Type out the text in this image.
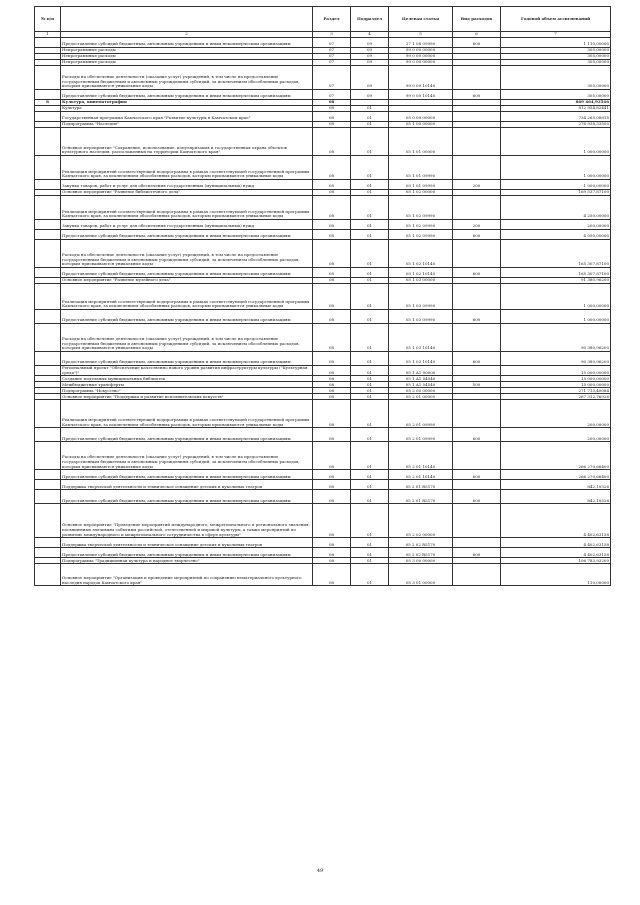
№ п/п		Раздел	Подраздел	Целевая статья	Вид расходов	Годовой объем ассигнований
1	2	3	4	5	6	7
	Предоставление субсидий бюджетным, автономным учреждениям и иным некоммерческим организациям	07	09	27 1 08 09990	600	1 110,00000
	Непрограммные расходы	07	09	99 0 00 00000		305,00000
	Непрограммные расходы	07	09	99 0 00 00000		305,00000
	Непрограммные расходы	07	09	99 0 00 00000		305,00000
	Расходы на обеспечение деятельности (оказание услуг) учреждений, в том числе на предоставление государственным бюджетным и автономным учреждениям субсидий, за исключением обособленных расходов, которым присваиваются уникальные коды	07	09	99 0 00 10140		305,00000
	Предоставление субсидий бюджетным, автономным учреждениям и иным некоммерческим организациям	07	09	99 0 00 10140	600	305,00000
8	Культура, кинематография	08				869 464,93546
	Культура	08	01			812 954,82441
	Государственная программа Камчатского края "Развитие культуры в Камчатском крае"	08	01	05 0 00 00000		734 265,08815
	Подпрограмма "Наследие"	08	01	05 1 00 00000		276 938,33500
	Основное мероприятие "Сохранение, использование, популяризация и государственная охрана объектов культурного наследия, расположенных на территории Камчатского края"	08	01	05 1 01 00000		1 000,00000
	Реализация мероприятий соответствующей подпрограммы в рамках соответствующей государственной программы Камчатского края, за исключением обособленных расходов, которым присваиваются уникальные коды	08	01	05 1 01 09990		1 000,00000
	Закупка товаров, работ и услуг для обеспечения государственных (муниципальных) нужд	08	01	05 1 01 09990	200	1 000,00000
	Основное мероприятие "Развитие библиотечного дела"	08	01	05 1 02 00000		169 537,87100
	Реализация мероприятий соответствующей подпрограммы в рамках соответствующей государственной программы Камчатского края, за исключением обособленных расходов, которым присваиваются уникальные коды	08	01	05 1 02 09990		4 250,00000
	Закупка товаров, работ и услуг для обеспечения государственных (муниципальных) нужд	08	01	05 1 02 09990	200	200,00000
	Предоставление субсидий бюджетным, автономным учреждениям и иным некоммерческим организациям	08	01	05 1 02 09990	600	4 050,00000
	Расходы на обеспечение деятельности (оказание услуг) учреждений, в том числе на предоставление государственным бюджетным и автономным учреждениям субсидий, за исключением обособленных расходов, которым присваиваются уникальные коды	08	01	05 1 02 10140		165 307,87100
	Предоставление субсидий бюджетным, автономным учреждениям и иным некоммерческим организациям	08	01	05 1 02 10140	600	165 307,87100
	Основное мероприятие "Развитие музейного дела"	08	01	05 1 03 00000		91 380,96200
	Реализация мероприятий соответствующей подпрограммы в рамках соответствующей государственной программы Камчатского края, за исключением обособленных расходов, которым присваиваются уникальные коды	08	01	05 1 03 09990		1 000,00000
	Предоставление субсидий бюджетным, автономным учреждениям и иным некоммерческим организациям	08	01	05 1 03 09990	600	1 000,00000
	Расходы на обеспечение деятельности (оказание услуг) учреждений, в том числе на предоставление государственным бюджетным и автономным учреждениям субсидий, за исключением обособленных расходов, которым присваиваются уникальные коды	08	01	05 1 03 10140		90 380,96200
	Предоставление субсидий бюджетным, автономным учреждениям и иным некоммерческим организациям	08	01	05 1 03 10140	600	90 380,96200
	Региональный проект "Обеспечение качественно нового уровня развития инфраструктуры культуры ("Культурная среда")"	08	01	05 1 A1 00000		15 000,00000
	Создание модельных муниципальных библиотек	08	01	05 1 A1 54540		15 000,00000
	Межбюджетные трансферты	08	01	05 1 A1 54540	500	15 000,00000
	Подпрограмма "Искусство"	08	01	05 2 00 00000		271 713,40084
	Основное мероприятие "Поддержка и развитие исполнительских искусств"	08	01	05 2 01 00000		267 312,76926
	Реализация мероприятий соответствующей подпрограммы в рамках соответствующей государственной программы Камчатского края, за исключением обособленных расходов, которым присваиваются уникальные коды	08	01	05 2 01 09990		200,00000
	Предоставление субсидий бюджетным, автономным учреждениям и иным некоммерческим организациям	08	01	05 2 01 09990	600	200,00000
	Расходы на обеспечение деятельности (оказание услуг) учреждений, в том числе на предоставление государственным бюджетным и автономным учреждениям субсидий, за исключением обособленных расходов, которым присваиваются уникальные коды	08	01	05 2 01 10140		266 270,66400
	Предоставление субсидий бюджетным, автономным учреждениям и иным некоммерческим организациям	08	01	05 2 01 10140	600	266 270,66400
	Поддержка творческой деятельности и техническое оснащение детских и кукольных театров	08	01	05 2 01 R5170		842,10526
	Предоставление субсидий бюджетным, автономным учреждениям и иным некоммерческим организациям	08	01	05 2 01 R5170	600	842,10526
	Основное мероприятие "Проведение мероприятий международного, межрегионального и регионального значения, посвященных значимым событиям российской, отечественной и мировой культуры, а также мероприятий по развитию международного и межрегионального сотрудничества в сфере культуры"	08	01	05 2 02 00000		4 402,63158
	Поддержка творческой деятельности и техническое оснащение детских и кукольных театров	08	01	05 2 02 R5170		4 402,63158
	Предоставление субсидий бюджетным, автономным учреждениям и иным некоммерческим организациям	08	01	05 2 02 R5170	600	4 402,63158
	Подпрограмма "Традиционная культура и народное творчество"	08	01	05 3 00 00000		106 783,93200
	Основное мероприятие "Организация и проведение мероприятий по сохранению нематериального культурного наследия народов Камчатского края"	08	01	05 3 01 00000		110,00000
49
